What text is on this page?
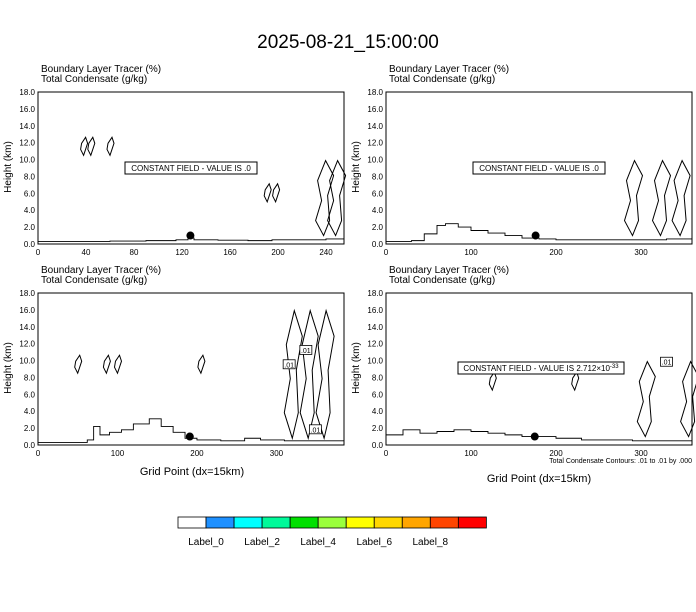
2025-08-21_15:00:00
Boundary Layer Tracer (%)
Total Condensate (g/kg)
Height (km)
0.0
2.0
4.0
6.0
8.0
10.0
12.0
14.0
16.0
18.0
0	40	80	120	160	200	240
CONSTANT FIELD - VALUE IS .0
Boundary Layer Tracer (%)
Total Condensate (g/kg)
Height (km)
0.0
2.0
4.0
6.0
8.0
10.0
12.0
14.0
16.0
18.0
0	100	200	300
CONSTANT FIELD - VALUE IS .0
Boundary Layer Tracer (%)
Total Condensate (g/kg)
Height (km)
Grid Point (dx=15km)
0.0
2.0
4.0
6.0
8.0
10.0
12.0
14.0
16.0
18.0
0	100	200	300
.01
.01
.01
Boundary Layer Tracer (%)
Total Condensate (g/kg)
Height (km)
Total Condensate Contours: .01 to .01 by .000
Grid Point (dx=15km)
0.0
2.0
4.0
6.0
8.0
10.0
12.0
14.0
16.0
18.0
0	100	200	300
.01
CONSTANT FIELD - VALUE IS $2.712\times 10^{-33}$
Label_0 Label_2 Label_4 Label_6 Label_8
